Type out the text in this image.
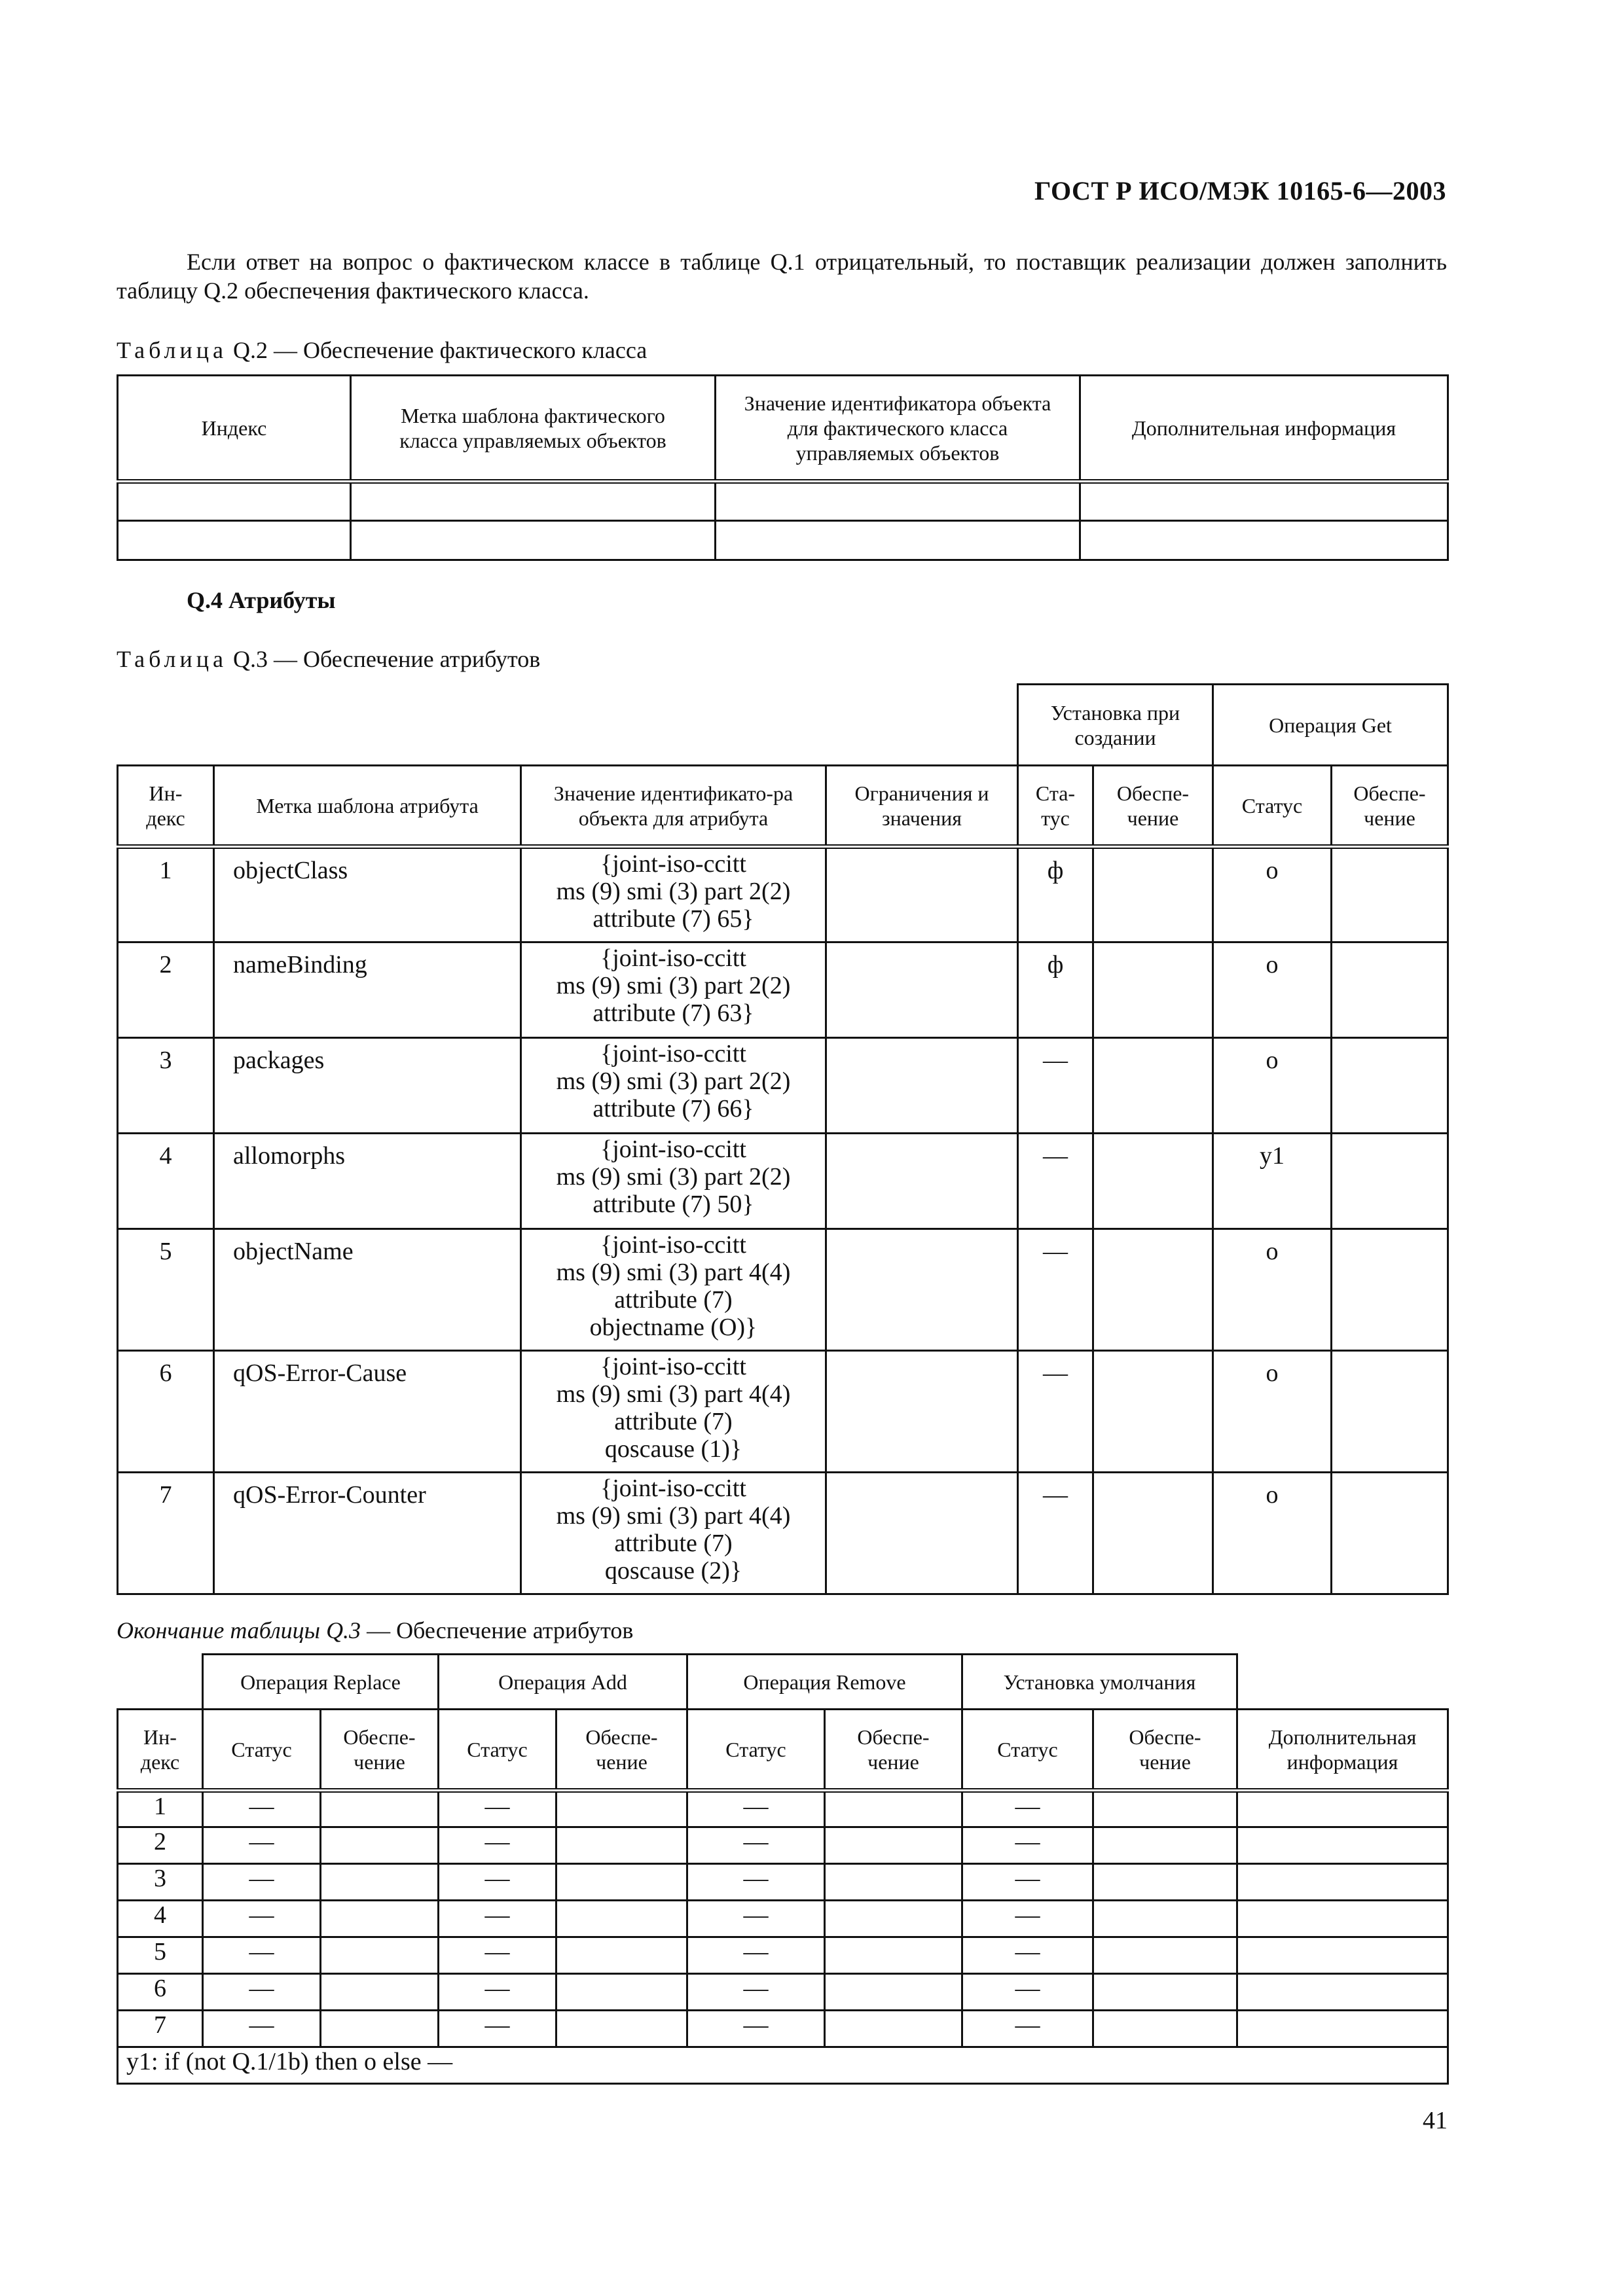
ГОСТ Р ИСО/МЭК 10165-6—2003
Если ответ на вопрос о фактическом классе в таблице Q.1 отрицательный, то поставщик реализации должен заполнить таблицу Q.2 обеспечения фактического класса.
Таблица Q.2 — Обеспечение фактического класса
Индекс	Метка шаблона фактического класса управляемых объектов	Значение идентификатора объекта для фактического класса управляемых объектов	Дополнительная информация

Q.4 Атрибуты
Таблица Q.3 — Обеспечение атрибутов
				Установка при создании		Операция Get	
Ин-декс	Метка шаблона атрибута	Значение идентификато-ра объекта для атрибута	Ограничения и значения	Ста-тус	Обеспе-чение	Статус	Обеспе-чение
1	objectClass	{joint-iso-ccitt
ms (9) smi (3) part 2(2)
attribute (7) 65}		ф		o	
2	nameBinding	{joint-iso-ccitt
ms (9) smi (3) part 2(2)
attribute (7) 63}		ф		o	
3	packages	{joint-iso-ccitt
ms (9) smi (3) part 2(2)
attribute (7) 66}		—		o	
4	allomorphs	{joint-iso-ccitt
ms (9) smi (3) part 2(2)
attribute (7) 50}		—		y1	
5	objectName	{joint-iso-ccitt
ms (9) smi (3) part 4(4)
attribute (7)
objectname (O)}		—		o	
6	qOS-Error-Cause	{joint-iso-ccitt
ms (9) smi (3) part 4(4)
attribute (7)
qoscause (1)}		—		o	
7	qOS-Error-Counter	{joint-iso-ccitt
ms (9) smi (3) part 4(4)
attribute (7)
qoscause (2)}		—		o	
Окончание таблицы Q.3 — Обеспечение атрибутов
	Операция Replace		Операция Add		Операция Remove		Установка умолчания		
Ин-декс	Статус	Обеспе-чение	Статус	Обеспе-чение	Статус	Обеспе-чение	Статус	Обеспе-чение	Дополнительная информация
1	—		—		—		—		
2	—		—		—		—		
3	—		—		—		—		
4	—		—		—		—		
5	—		—		—		—		
6	—		—		—		—		
7	—		—		—		—		
y1: if (not Q.1/1b) then o else —									
41
